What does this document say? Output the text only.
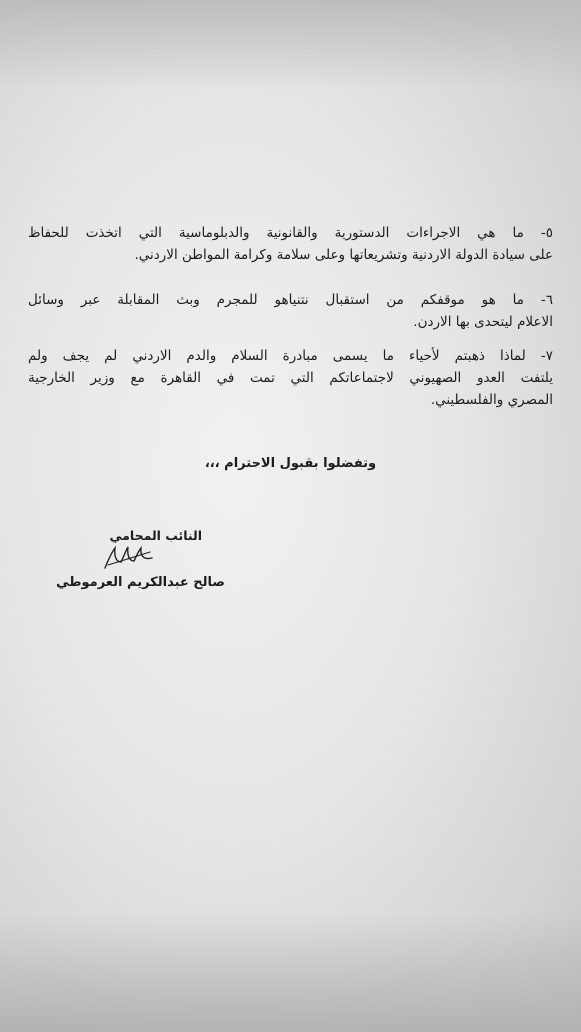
٥- ما هي الاجراءات الدستورية والقانونية والدبلوماسية التي اتخذت للحفاظ
على سيادة الدولة الاردنية وتشريعاتها وعلى سلامة وكرامة المواطن الاردني.
٦- ما هو موقفكم من استقبال نتنياهو للمجرم وبث المقابلة عبر وسائل
الاعلام ليتحدى بها الاردن.
٧- لماذا ذهبتم لأحياء ما يسمى مبادرة السلام والدم الاردني لم يجف ولم
يلتفت العدو الصهيوني لاجتماعاتكم التي تمت في القاهرة مع وزير الخارجية
المصري والفلسطيني.
وتفضلوا بقبول الاحترام ،،،
النائب المحامي
صالح عبدالكريم العرموطي
